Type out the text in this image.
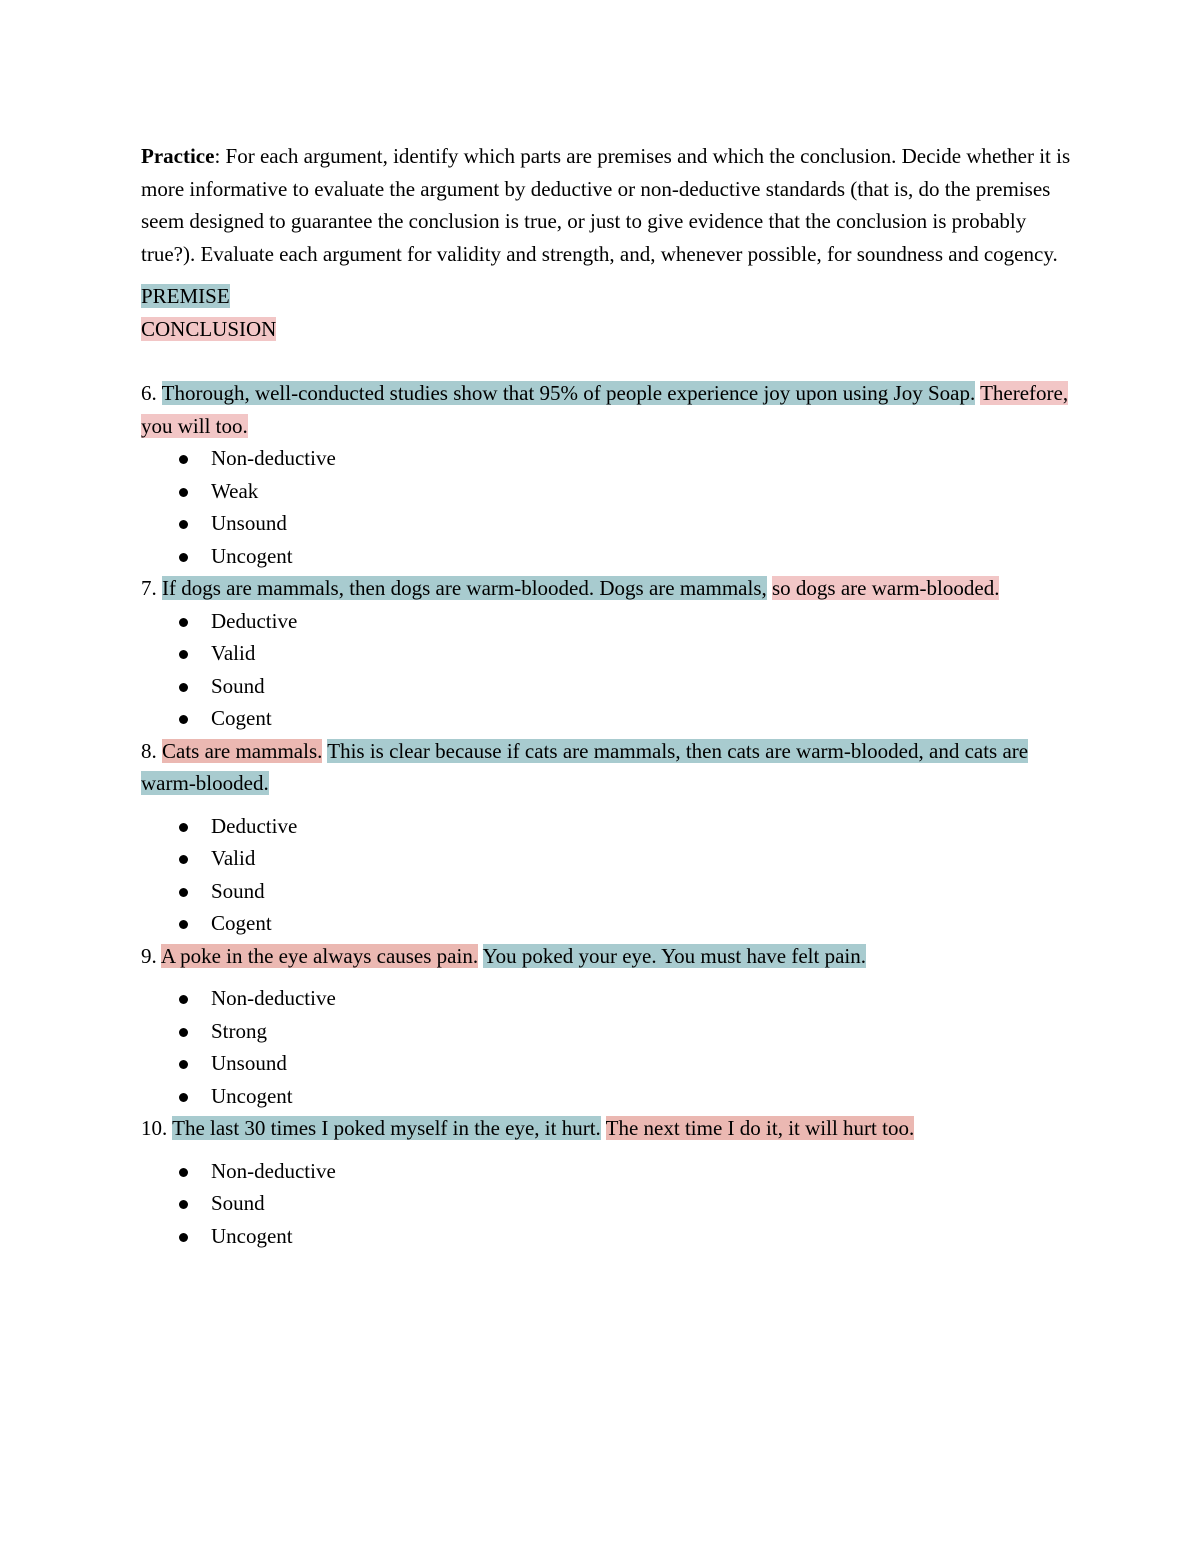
Practice: For each argument, identify which parts are premises and which the conclusion. Decide whether it is more informative to evaluate the argument by deductive or non-deductive standards (that is, do the premises seem designed to guarantee the conclusion is true, or just to give evidence that the conclusion is probably true?). Evaluate each argument for validity and strength, and, whenever possible, for soundness and cogency.

PREMISE
CONCLUSION

6. Thorough, well-conducted studies show that 95% of people experience joy upon using Joy Soap. Therefore, you will too.

Non-deductive
Weak
Unsound
Uncogent

7. If dogs are mammals, then dogs are warm-blooded. Dogs are mammals, so dogs are warm-blooded.

Deductive
Valid
Sound
Cogent

8. Cats are mammals. This is clear because if cats are mammals, then cats are warm-blooded, and cats are warm-blooded.

Deductive
Valid
Sound
Cogent

9. A poke in the eye always causes pain. You poked your eye. You must have felt pain.

Non-deductive
Strong
Unsound
Uncogent

10. The last 30 times I poked myself in the eye, it hurt. The next time I do it, it will hurt too.

Non-deductive
Sound
Uncogent
